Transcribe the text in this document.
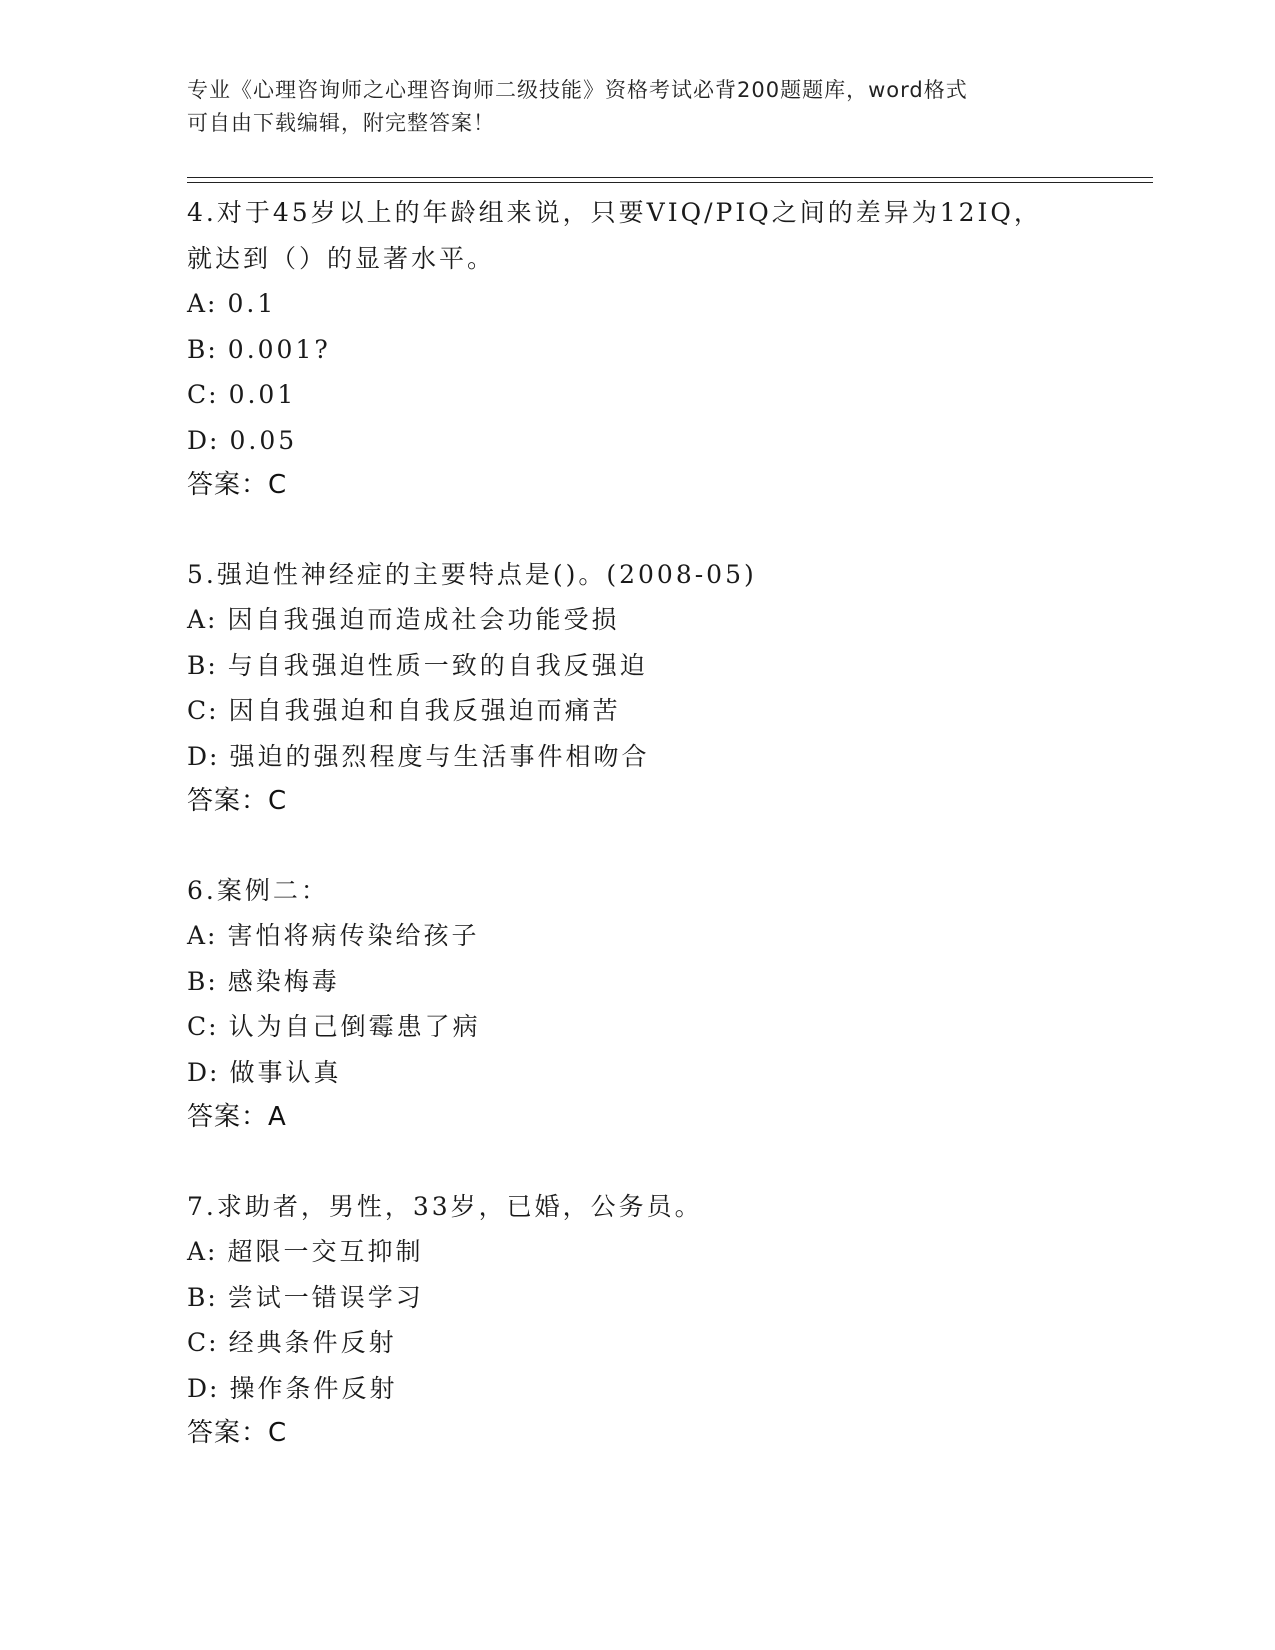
专业《心理咨询师之心理咨询师二级技能》资格考试必背200题题库，word格式
可自由下载编辑，附完整答案！
4.对于45岁以上的年龄组来说，只要VIQ/PIQ之间的差异为12IQ，
就达到（）的显著水平。
A: 0.1
B: 0.001?
C: 0.01
D: 0.05
答案：C
5.强迫性神经症的主要特点是()。(2008-05)
A: 因自我强迫而造成社会功能受损
B: 与自我强迫性质一致的自我反强迫
C: 因自我强迫和自我反强迫而痛苦
D: 强迫的强烈程度与生活事件相吻合
答案：C
6.案例二：
A: 害怕将病传染给孩子
B: 感染梅毒
C: 认为自己倒霉患了病
D: 做事认真
答案：A
7.求助者，男性，33岁，已婚，公务员。
A: 超限一交互抑制
B: 尝试一错误学习
C: 经典条件反射
D: 操作条件反射
答案：C
